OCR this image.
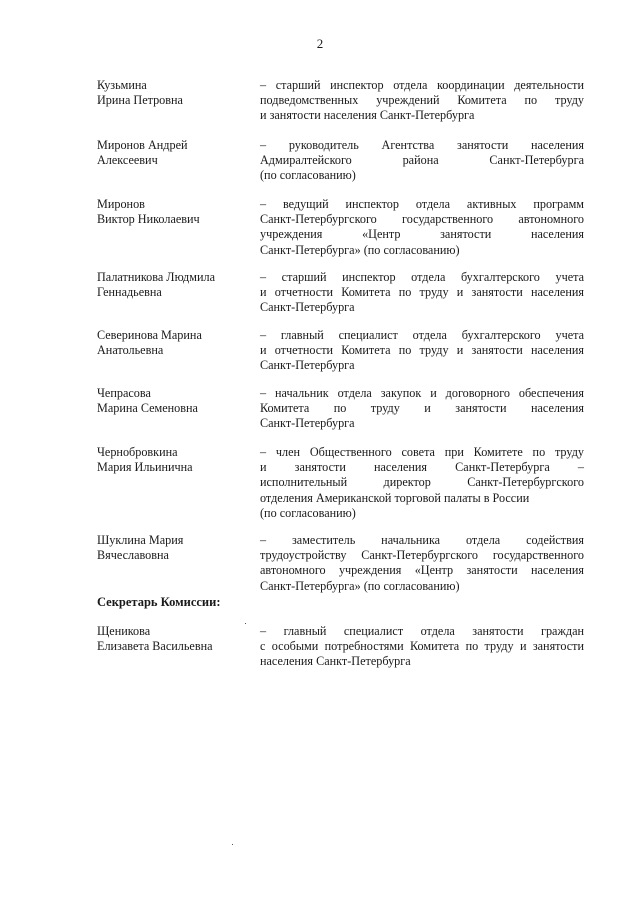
2
Кузьмина
Ирина Петровна
– старший инспектор отдела координации деятельности
подведомственных учреждений Комитета по труду
и занятости населения Санкт-Петербурга
Миронов Андрей
Алексеевич
– руководитель Агентства занятости населения
Адмиралтейского района Санкт-Петербурга
(по согласованию)
Миронов
Виктор Николаевич
– ведущий инспектор отдела активных программ
Санкт-Петербургского государственного автономного
учреждения «Центр занятости населения
Санкт-Петербурга» (по согласованию)
Палатникова Людмила
Геннадьевна
– старший инспектор отдела бухгалтерского учета
и отчетности Комитета по труду и занятости населения
Санкт-Петербурга
Северинова Марина
Анатольевна
– главный специалист отдела бухгалтерского учета
и отчетности Комитета по труду и занятости населения
Санкт-Петербурга
Чепрасова
Марина Семеновна
– начальник отдела закупок и договорного обеспечения
Комитета по труду и занятости населения
Санкт-Петербурга
Чернобровкина
Мария Ильинична
– член Общественного совета при Комитете по труду
и занятости населения Санкт-Петербурга –
исполнительный директор Санкт-Петербургского
отделения Американской торговой палаты в России
(по согласованию)
Шуклина Мария
Вячеславовна
– заместитель начальника отдела содействия
трудоустройству Санкт-Петербургского государственного
автономного учреждения «Центр занятости населения
Санкт-Петербурга» (по согласованию)
Секретарь Комиссии:
Щеникова
Елизавета Васильевна
– главный специалист отдела занятости граждан
с особыми потребностями Комитета по труду и занятости
населения Санкт-Петербурга
